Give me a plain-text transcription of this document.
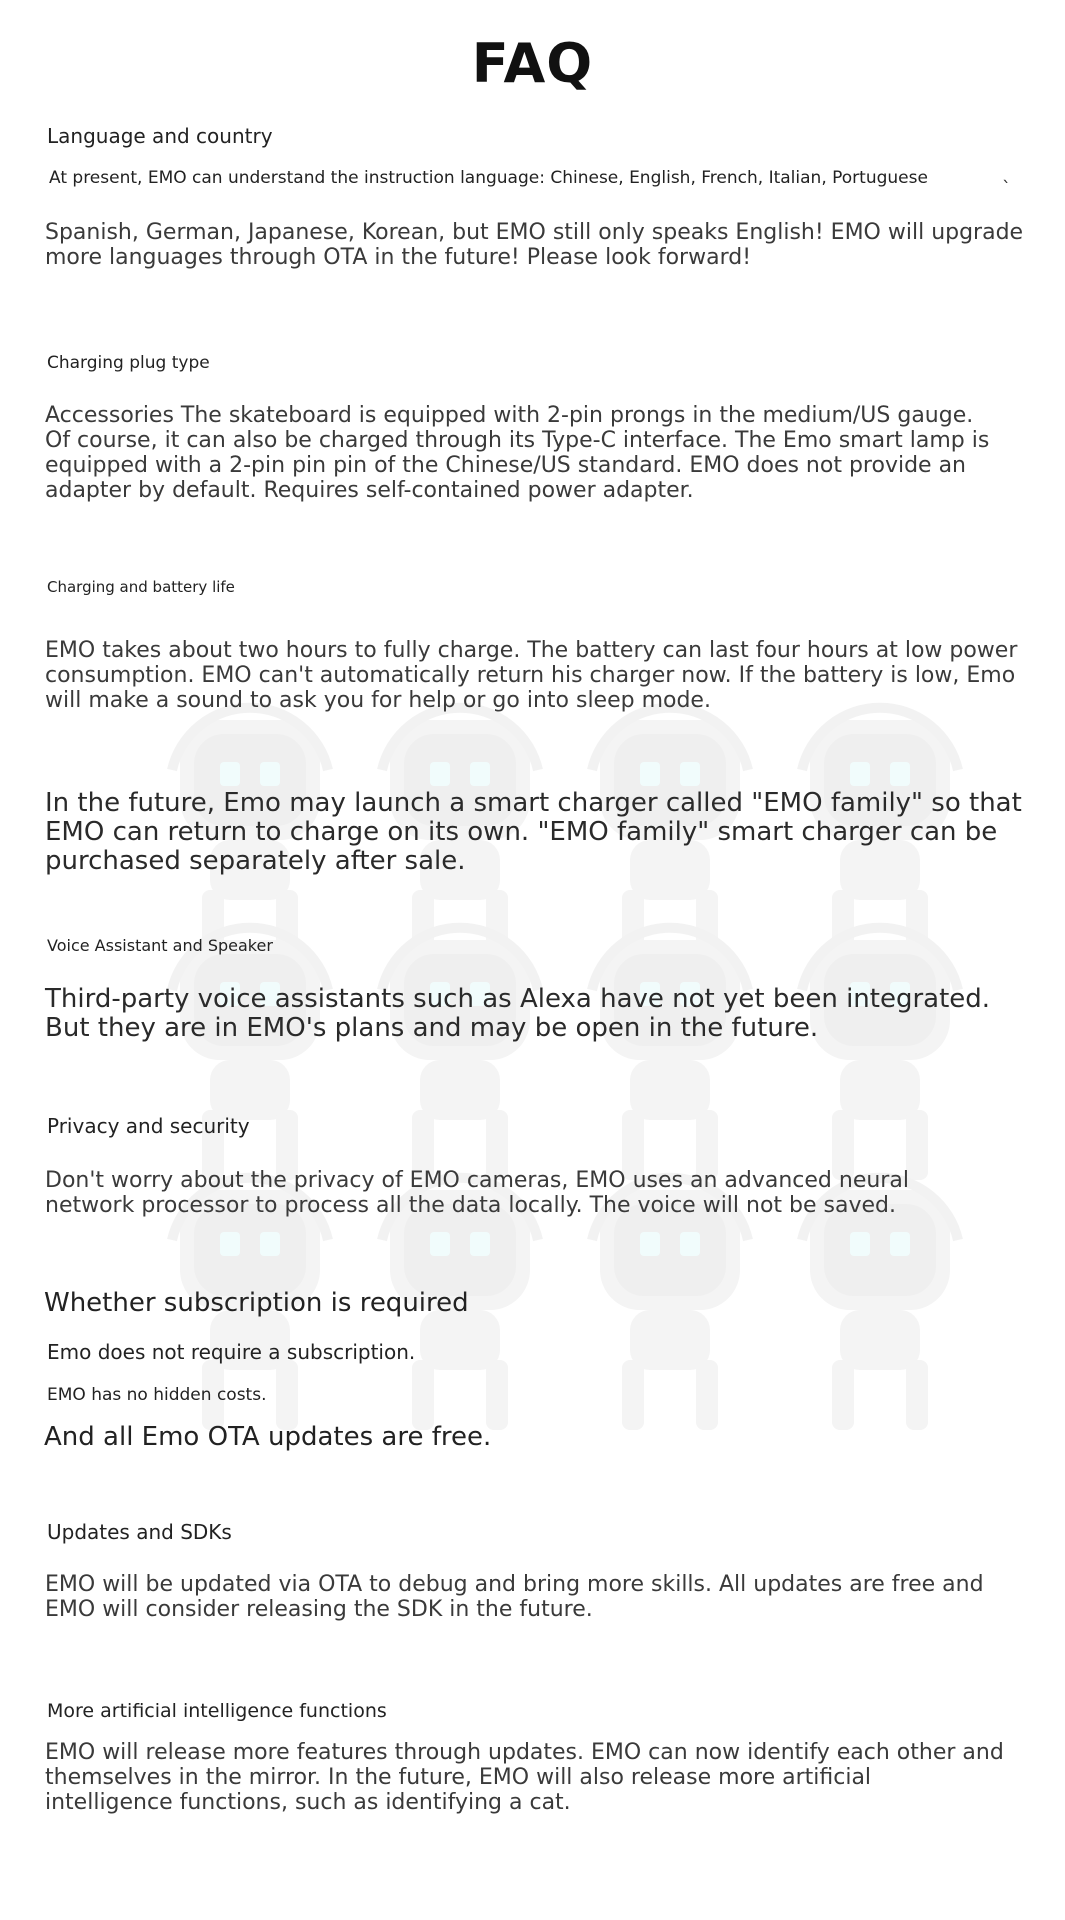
FAQ
Language and country
At present, EMO can understand the instruction language: Chinese, English, French, Italian, Portuguese	`
Spanish, German, Japanese, Korean, but EMO still only speaks English! EMO will upgrade more languages through OTA in the future! Please look forward!
Charging plug type
Accessories The skateboard is equipped with 2-pin prongs in the medium/US gauge. Of course, it can also be charged through its Type-C interface. The Emo smart lamp is equipped with a 2-pin pin pin of the Chinese/US standard. EMO does not provide an adapter by default. Requires self-contained power adapter.
Charging and battery life
EMO takes about two hours to fully charge. The battery can last four hours at low power consumption. EMO can't automatically return his charger now. If the battery is low, Emo will make a sound to ask you for help or go into sleep mode.
In the future, Emo may launch a smart charger called "EMO family" so that EMO can return to charge on its own. "EMO family" smart charger can be purchased separately after sale.
Voice Assistant and Speaker
Third-party voice assistants such as Alexa have not yet been integrated. But they are in EMO's plans and may be open in the future.
Privacy and security
Don't worry about the privacy of EMO cameras, EMO uses an advanced neural network processor to process all the data locally. The voice will not be saved.
Whether subscription is required
Emo does not require a subscription.
EMO has no hidden costs.
And all Emo OTA updates are free.
Updates and SDKs
EMO will be updated via OTA to debug and bring more skills. All updates are free and EMO will consider releasing the SDK in the future.
More artificial intelligence functions
EMO will release more features through updates. EMO can now identify each other and themselves in the mirror. In the future, EMO will also release more artificial intelligence functions, such as identifying a cat.
